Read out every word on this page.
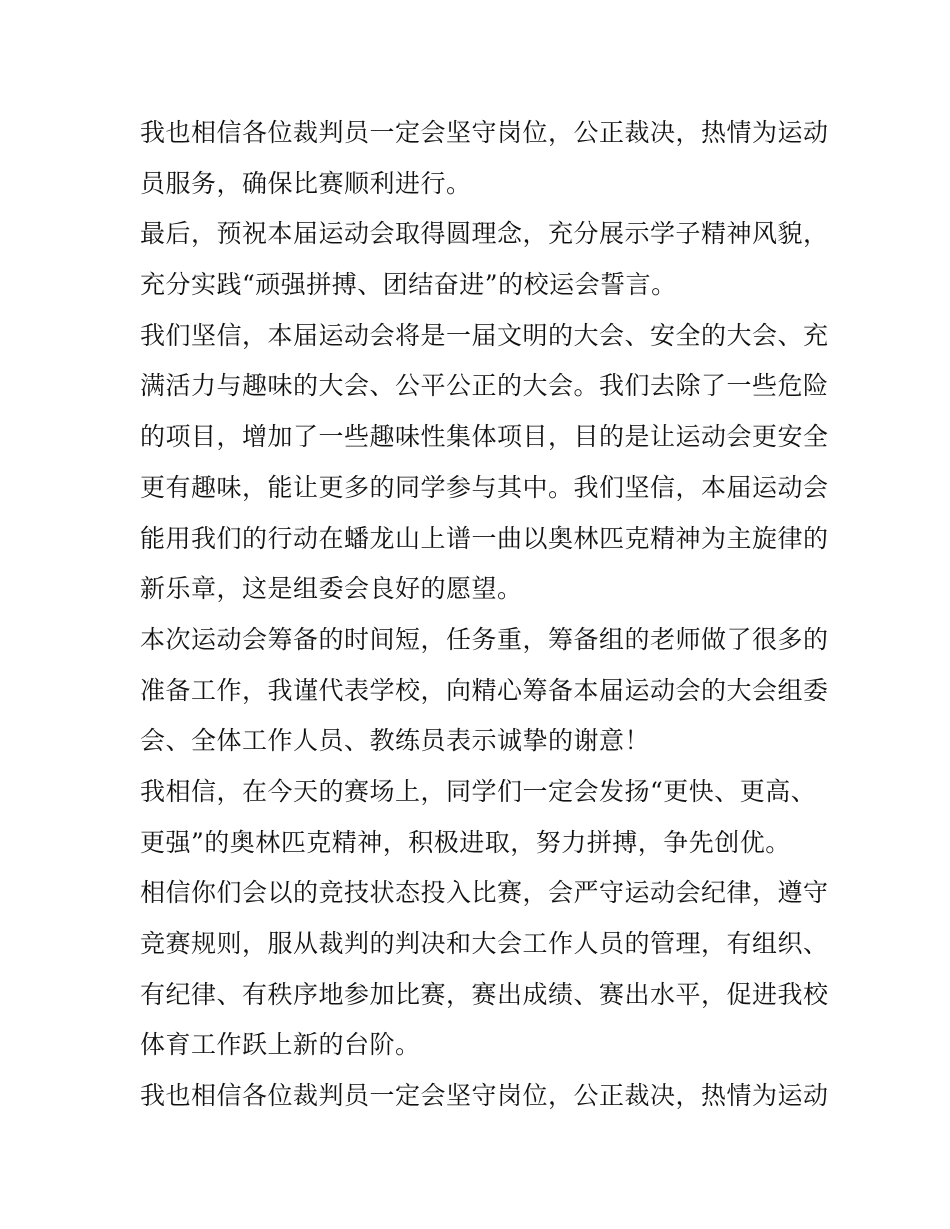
我也相信各位裁判员一定会坚守岗位，公正裁决，热情为运动
员服务，确保比赛顺利进行。
最后，预祝本届运动会取得圆理念，充分展示学子精神风貌，
充分实践“顽强拼搏、团结奋进”的校运会誓言。
我们坚信，本届运动会将是一届文明的大会、安全的大会、充
满活力与趣味的大会、公平公正的大会。我们去除了一些危险
的项目，增加了一些趣味性集体项目，目的是让运动会更安全
更有趣味，能让更多的同学参与其中。我们坚信，本届运动会
能用我们的行动在蟠龙山上谱一曲以奥林匹克精神为主旋律的
新乐章，这是组委会良好的愿望。
本次运动会筹备的时间短，任务重，筹备组的老师做了很多的
准备工作，我谨代表学校，向精心筹备本届运动会的大会组委
会、全体工作人员、教练员表示诚挚的谢意！
我相信，在今天的赛场上，同学们一定会发扬“更快、更高、
更强”的奥林匹克精神，积极进取，努力拼搏，争先创优。
相信你们会以的竞技状态投入比赛，会严守运动会纪律，遵守
竞赛规则，服从裁判的判决和大会工作人员的管理，有组织、
有纪律、有秩序地参加比赛，赛出成绩、赛出水平，促进我校
体育工作跃上新的台阶。
我也相信各位裁判员一定会坚守岗位，公正裁决，热情为运动
